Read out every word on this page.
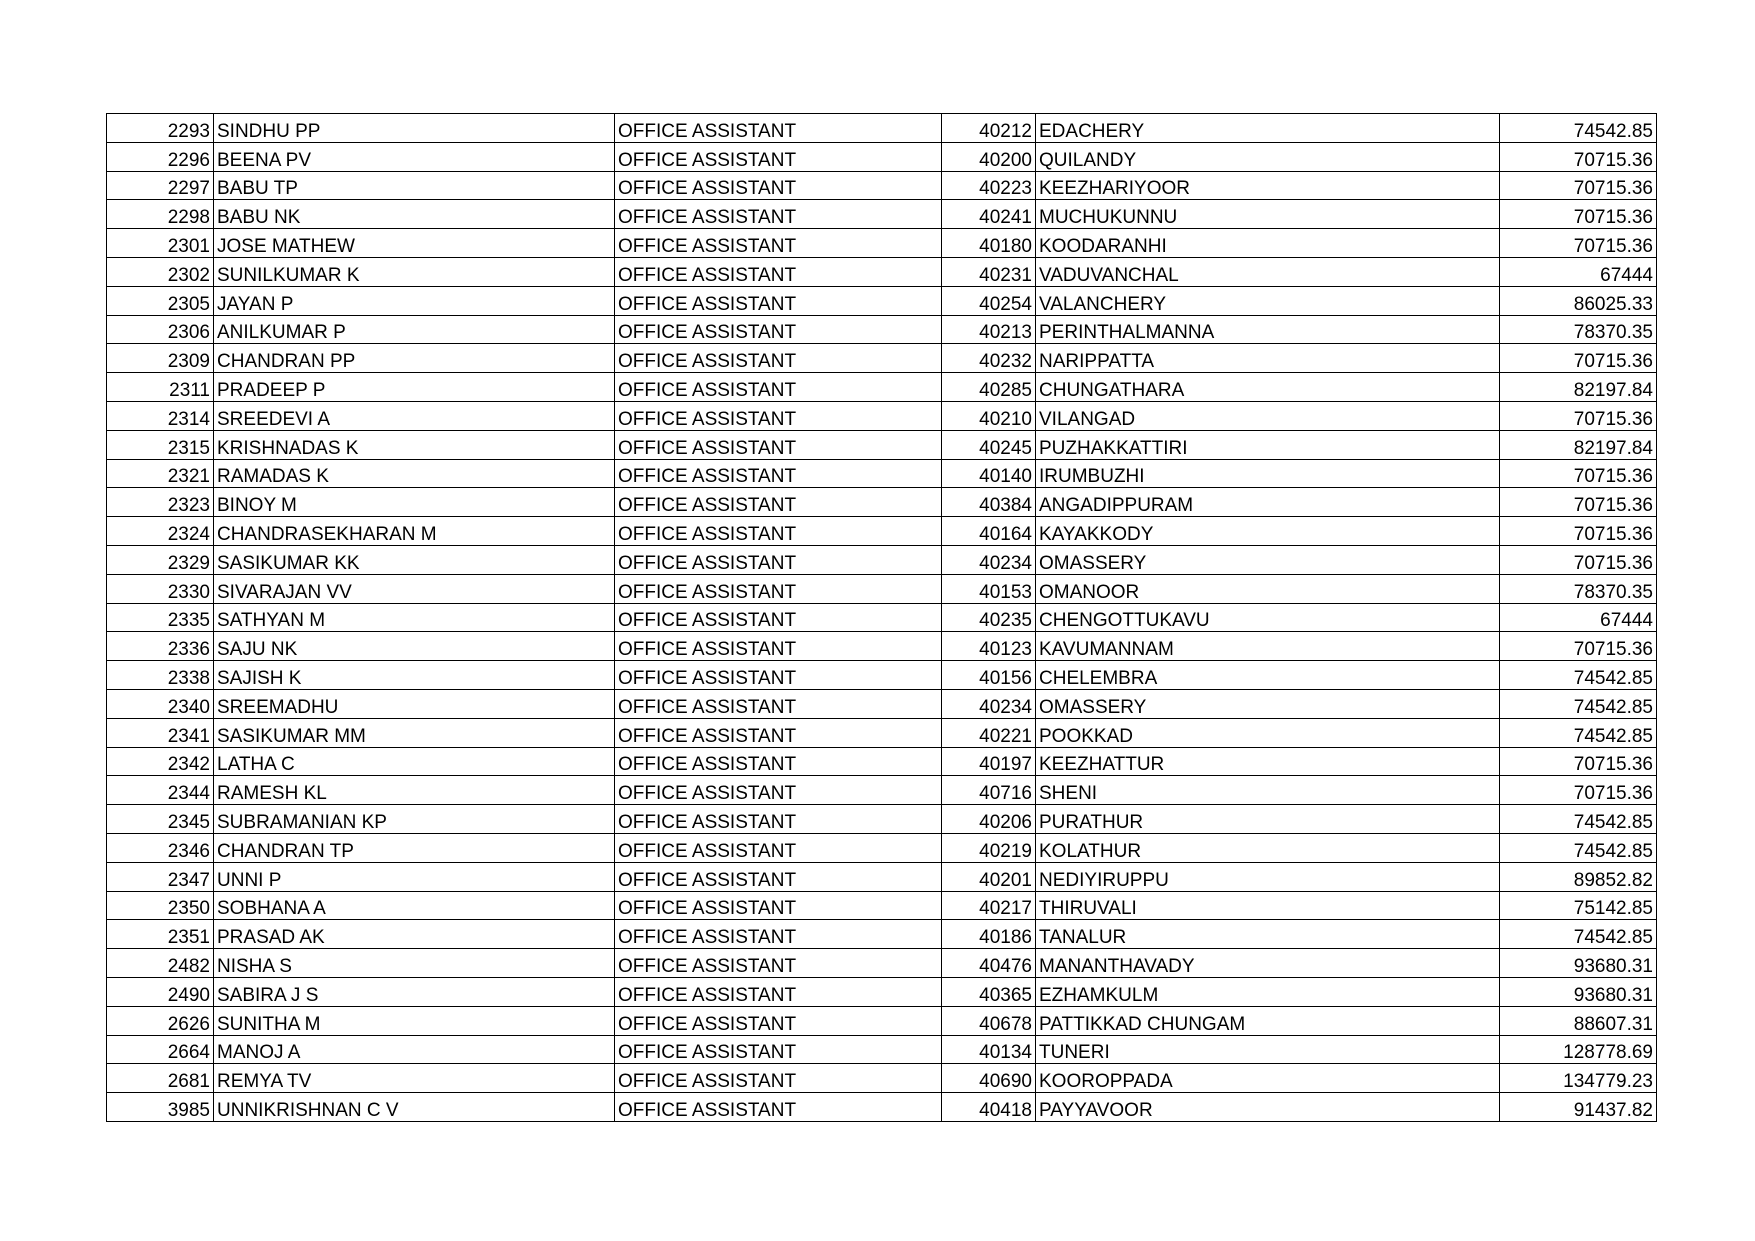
2293	SINDHU PP	OFFICE ASSISTANT	40212	EDACHERY	74542.85
2296	BEENA PV	OFFICE ASSISTANT	40200	QUILANDY	70715.36
2297	BABU TP	OFFICE ASSISTANT	40223	KEEZHARIYOOR	70715.36
2298	BABU NK	OFFICE ASSISTANT	40241	MUCHUKUNNU	70715.36
2301	JOSE MATHEW	OFFICE ASSISTANT	40180	KOODARANHI	70715.36
2302	SUNILKUMAR K	OFFICE ASSISTANT	40231	VADUVANCHAL	67444
2305	JAYAN P	OFFICE ASSISTANT	40254	VALANCHERY	86025.33
2306	ANILKUMAR P	OFFICE ASSISTANT	40213	PERINTHALMANNA	78370.35
2309	CHANDRAN PP	OFFICE ASSISTANT	40232	NARIPPATTA	70715.36
2311	PRADEEP P	OFFICE ASSISTANT	40285	CHUNGATHARA	82197.84
2314	SREEDEVI A	OFFICE ASSISTANT	40210	VILANGAD	70715.36
2315	KRISHNADAS K	OFFICE ASSISTANT	40245	PUZHAKKATTIRI	82197.84
2321	RAMADAS K	OFFICE ASSISTANT	40140	IRUMBUZHI	70715.36
2323	BINOY M	OFFICE ASSISTANT	40384	ANGADIPPURAM	70715.36
2324	CHANDRASEKHARAN M	OFFICE ASSISTANT	40164	KAYAKKODY	70715.36
2329	SASIKUMAR KK	OFFICE ASSISTANT	40234	OMASSERY	70715.36
2330	SIVARAJAN VV	OFFICE ASSISTANT	40153	OMANOOR	78370.35
2335	SATHYAN M	OFFICE ASSISTANT	40235	CHENGOTTUKAVU	67444
2336	SAJU NK	OFFICE ASSISTANT	40123	KAVUMANNAM	70715.36
2338	SAJISH K	OFFICE ASSISTANT	40156	CHELEMBRA	74542.85
2340	SREEMADHU	OFFICE ASSISTANT	40234	OMASSERY	74542.85
2341	SASIKUMAR MM	OFFICE ASSISTANT	40221	POOKKAD	74542.85
2342	LATHA C	OFFICE ASSISTANT	40197	KEEZHATTUR	70715.36
2344	RAMESH KL	OFFICE ASSISTANT	40716	SHENI	70715.36
2345	SUBRAMANIAN KP	OFFICE ASSISTANT	40206	PURATHUR	74542.85
2346	CHANDRAN TP	OFFICE ASSISTANT	40219	KOLATHUR	74542.85
2347	UNNI P	OFFICE ASSISTANT	40201	NEDIYIRUPPU	89852.82
2350	SOBHANA A	OFFICE ASSISTANT	40217	THIRUVALI	75142.85
2351	PRASAD AK	OFFICE ASSISTANT	40186	TANALUR	74542.85
2482	NISHA S	OFFICE ASSISTANT	40476	MANANTHAVADY	93680.31
2490	SABIRA J S	OFFICE ASSISTANT	40365	EZHAMKULM	93680.31
2626	SUNITHA M	OFFICE ASSISTANT	40678	PATTIKKAD CHUNGAM	88607.31
2664	MANOJ A	OFFICE ASSISTANT	40134	TUNERI	128778.69
2681	REMYA TV	OFFICE ASSISTANT	40690	KOOROPPADA	134779.23
3985	UNNIKRISHNAN C V	OFFICE ASSISTANT	40418	PAYYAVOOR	91437.82
